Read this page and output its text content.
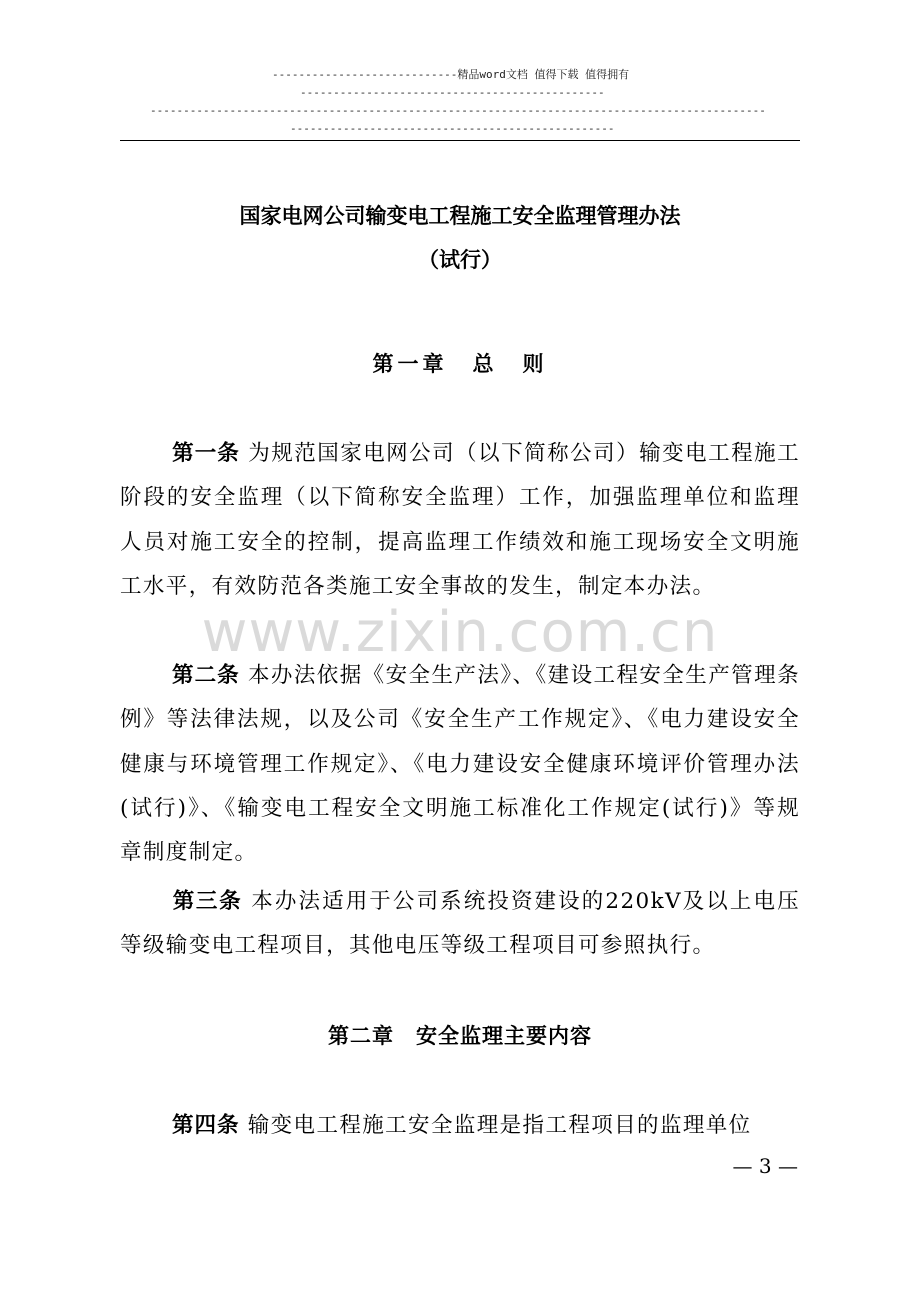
----------------------------精品word文档 值得下载 值得拥有
----------------------------------------------
---------------------------------------------------------------------------------------------
-------------------------------------------------
国家电网公司输变电工程施工安全监理管理办法
（试行）
第一章　总　则
第一条 为规范国家电网公司（以下简称公司）输变电工程施工阶段的安全监理（以下简称安全监理）工作，加强监理单位和监理人员对施工安全的控制，提高监理工作绩效和施工现场安全文明施工水平，有效防范各类施工安全事故的发生，制定本办法。
第二条 本办法依据《安全生产法》、《建设工程安全生产管理条例》等法律法规，以及公司《安全生产工作规定》、《电力建设安全健康与环境管理工作规定》、《电力建设安全健康环境评价管理办法(试行)》、《输变电工程安全文明施工标准化工作规定(试行)》等规章制度制定。
第三条 本办法适用于公司系统投资建设的220kV及以上电压等级输变电工程项目，其他电压等级工程项目可参照执行。
第二章　安全监理主要内容
第四条 输变电工程施工安全监理是指工程项目的监理单位
www.zixin.com.cn
— 3 —
